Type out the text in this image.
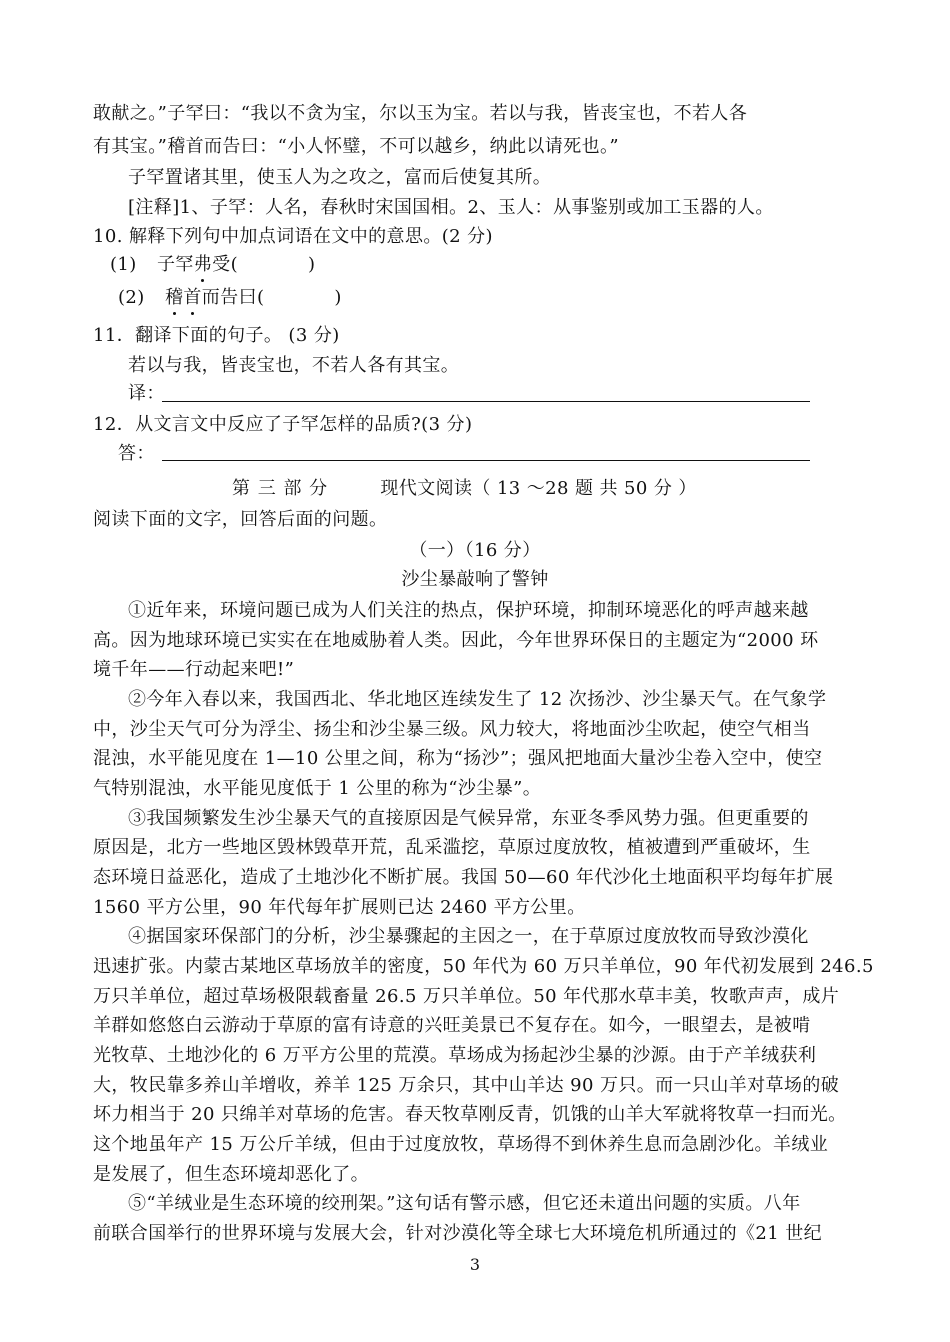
敢献之。”子罕曰：“我以不贪为宝，尔以玉为宝。若以与我，皆丧宝也，不若人各
有其宝。”稽首而告曰：“小人怀璧，不可以越乡，纳此以请死也。”
子罕置诸其里，使玉人为之攻之，富而后使复其所。
[注释]1、子罕：人名，春秋时宋国国相。2、玉人：从事鉴别或加工玉器的人。
10. 解释下列句中加点词语在文中的意思。(2 分)
(1) 子罕弗受(	)
(2) 稽首而告曰(	)
11．翻译下面的句子。 (3 分)
若以与我，皆丧宝也，不若人各有其宝。
译：
12．从文言文中反应了子罕怎样的品质?(3 分)
答：
第 三 部 分	现代文阅读（ 13 ～28 题 共 50 分 ）
阅读下面的文字，回答后面的问题。
（一）（16 分）
沙尘暴敲响了警钟
①近年来，环境问题已成为人们关注的热点，保护环境，抑制环境恶化的呼声越来越
高。因为地球环境已实实在在地威胁着人类。因此，今年世界环保日的主题定为“2000 环
境千年——行动起来吧!”
②今年入春以来，我国西北、华北地区连续发生了 12 次扬沙、沙尘暴天气。在气象学
中，沙尘天气可分为浮尘、扬尘和沙尘暴三级。风力较大，将地面沙尘吹起，使空气相当
混浊，水平能见度在 1—10 公里之间，称为“扬沙”；强风把地面大量沙尘卷入空中，使空
气特别混浊，水平能见度低于 1 公里的称为“沙尘暴”。
③我国频繁发生沙尘暴天气的直接原因是气候异常，东亚冬季风势力强。但更重要的
原因是，北方一些地区毁林毁草开荒，乱采滥挖，草原过度放牧，植被遭到严重破坏，生
态环境日益恶化，造成了土地沙化不断扩展。我国 50—60 年代沙化土地面积平均每年扩展
1560 平方公里，90 年代每年扩展则已达 2460 平方公里。
④据国家环保部门的分析，沙尘暴骤起的主因之一，在于草原过度放牧而导致沙漠化
迅速扩张。内蒙古某地区草场放羊的密度，50 年代为 60 万只羊单位，90 年代初发展到 246.5
万只羊单位，超过草场极限载畜量 26.5 万只羊单位。50 年代那水草丰美，牧歌声声，成片
羊群如悠悠白云游动于草原的富有诗意的兴旺美景已不复存在。如今，一眼望去，是被啃
光牧草、土地沙化的 6 万平方公里的荒漠。草场成为扬起沙尘暴的沙源。由于产羊绒获利
大，牧民靠多养山羊增收，养羊 125 万余只，其中山羊达 90 万只。而一只山羊对草场的破
坏力相当于 20 只绵羊对草场的危害。春天牧草刚反青，饥饿的山羊大军就将牧草一扫而光。
这个地虽年产 15 万公斤羊绒，但由于过度放牧，草场得不到休养生息而急剧沙化。羊绒业
是发展了，但生态环境却恶化了。
⑤“羊绒业是生态环境的绞刑架。”这句话有警示感，但它还未道出问题的实质。八年
前联合国举行的世界环境与发展大会，针对沙漠化等全球七大环境危机所通过的《21 世纪
3
